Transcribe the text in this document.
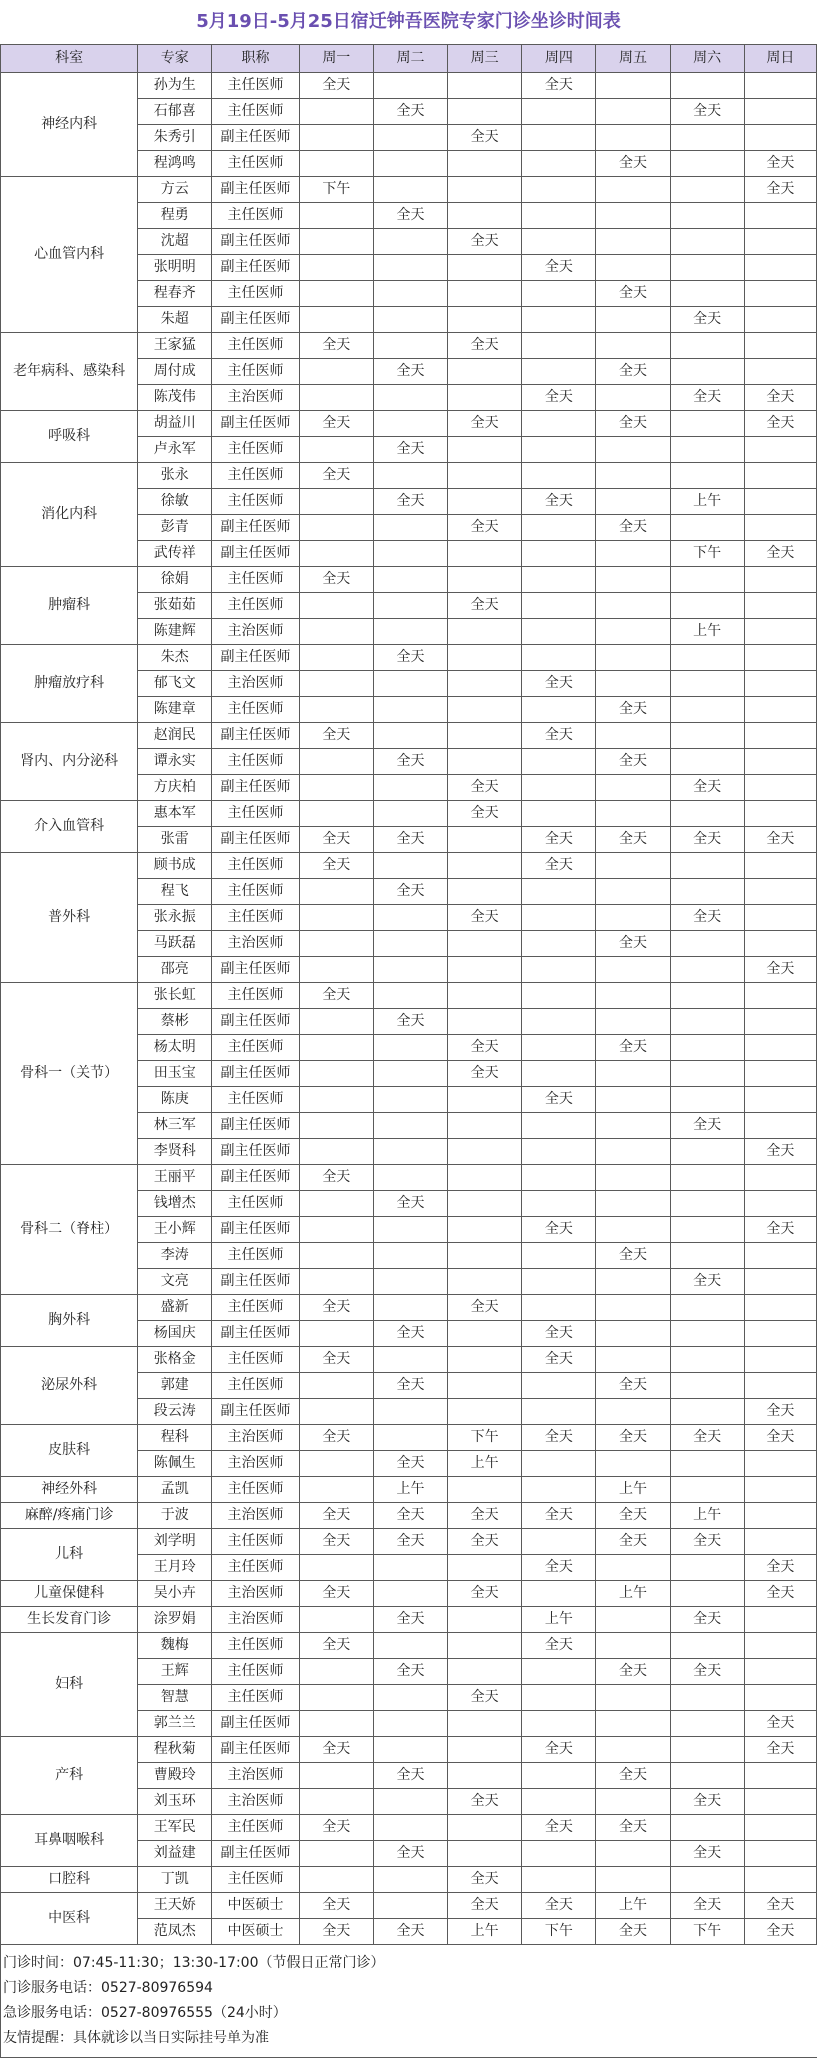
5月19日-5月25日宿迁钟吾医院专家门诊坐诊时间表
科室	专家	职称	周一	周二	周三	周四	周五	周六	周日
神经内科	孙为生	主任医师	全天			全天			
	石郁喜	主任医师		全天				全天	
	朱秀引	副主任医师			全天				
	程鸿鸣	主任医师					全天		全天
心血管内科	方云	副主任医师	下午						全天
	程勇	主任医师		全天					
	沈超	副主任医师			全天				
	张明明	副主任医师				全天			
	程春齐	主任医师					全天		
	朱超	副主任医师						全天	
老年病科、感染科	王家猛	主任医师	全天		全天				
	周付成	主任医师		全天			全天		
	陈茂伟	主治医师				全天		全天	全天
呼吸科	胡益川	副主任医师	全天		全天		全天		全天
	卢永军	主任医师		全天					
消化内科	张永	主任医师	全天						
	徐敏	主任医师		全天		全天		上午	
	彭青	副主任医师			全天		全天		
	武传祥	副主任医师						下午	全天
肿瘤科	徐娟	主任医师	全天						
	张茹茹	主任医师			全天				
	陈建辉	主治医师						上午	
肿瘤放疗科	朱杰	副主任医师		全天					
	郁飞文	主治医师				全天			
	陈建章	主任医师					全天		
肾内、内分泌科	赵润民	副主任医师	全天			全天			
	谭永实	主任医师		全天			全天		
	方庆柏	副主任医师			全天			全天	
介入血管科	惠本军	主任医师			全天				
	张雷	副主任医师	全天	全天		全天	全天	全天	全天
普外科	顾书成	主任医师	全天			全天			
	程飞	主任医师		全天					
	张永振	主任医师			全天			全天	
	马跃磊	主治医师					全天		
	邵亮	副主任医师							全天
骨科一（关节）	张长虹	主任医师	全天						
	蔡彬	副主任医师		全天					
	杨太明	主任医师			全天		全天		
	田玉宝	副主任医师			全天				
	陈庚	主任医师				全天			
	林三军	副主任医师						全天	
	李贤科	副主任医师							全天
骨科二（脊柱）	王丽平	副主任医师	全天						
	钱增杰	主任医师		全天					
	王小辉	副主任医师				全天			全天
	李涛	主任医师					全天		
	文亮	副主任医师						全天	
胸外科	盛新	主任医师	全天		全天				
	杨国庆	副主任医师		全天		全天			
泌尿外科	张格金	主任医师	全天			全天			
	郭建	主任医师		全天			全天		
	段云涛	副主任医师							全天
皮肤科	程科	主治医师	全天		下午	全天	全天	全天	全天
	陈佩生	主治医师		全天	上午				
神经外科	孟凯	主任医师		上午			上午		
麻醉/疼痛门诊	于波	主治医师	全天	全天	全天	全天	全天	上午	
儿科	刘学明	主任医师	全天	全天	全天		全天	全天	
	王月玲	主任医师				全天			全天
儿童保健科	吴小卉	主治医师	全天		全天		上午		全天
生长发育门诊	涂罗娟	主治医师		全天		上午		全天	
妇科	魏梅	主任医师	全天			全天			
	王辉	主任医师		全天			全天	全天	
	智慧	主任医师			全天				
	郭兰兰	副主任医师							全天
产科	程秋菊	副主任医师	全天			全天			全天
	曹殿玲	主治医师		全天			全天		
	刘玉环	主治医师			全天			全天	
耳鼻咽喉科	王军民	主任医师	全天			全天	全天		
	刘益建	副主任医师		全天				全天	
口腔科	丁凯	主任医师			全天				
中医科	王天娇	中医硕士	全天		全天	全天	上午	全天	全天
	范凤杰	中医硕士	全天	全天	上午	下午	全天	下午	全天
门诊时间：07:45-11:30；13:30-17:00（节假日正常门诊）
门诊服务电话：0527-80976594
急诊服务电话：0527-80976555（24小时）
友情提醒：具体就诊以当日实际挂号单为准
